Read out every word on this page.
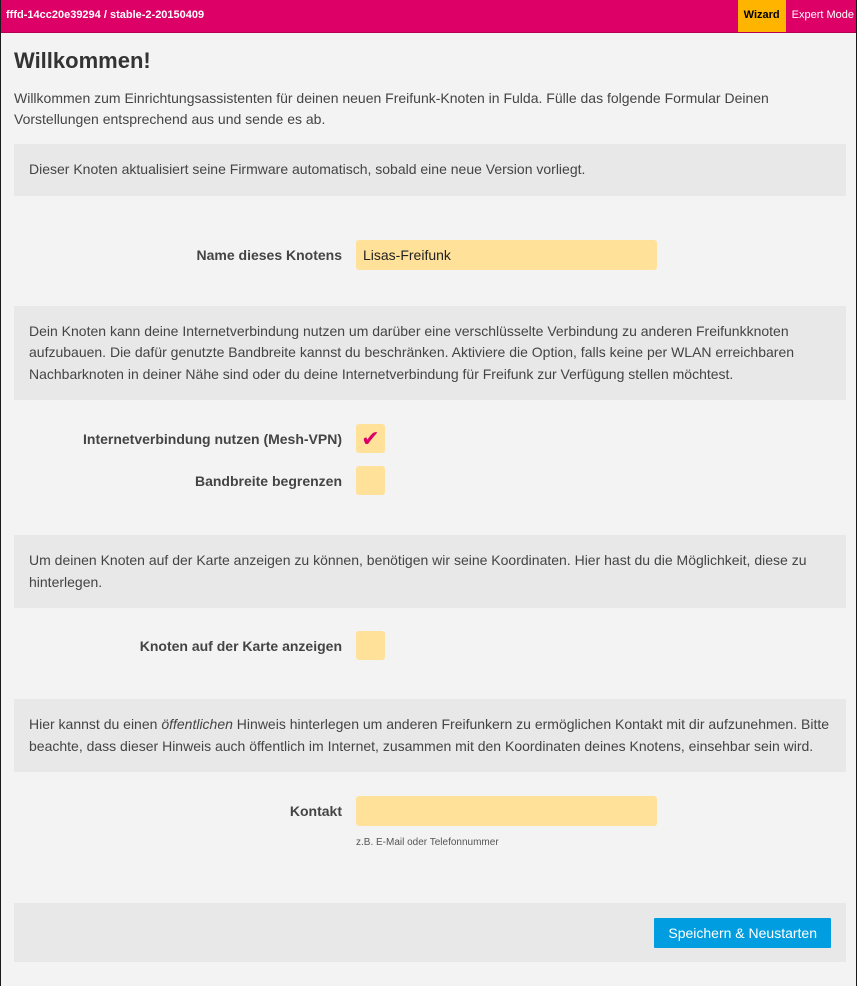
fffd-14cc20e39294 / stable-2-20150409	Wizard	Expert Mode
Willkommen!

Willkommen zum Einrichtungsassistenten für deinen neuen Freifunk-Knoten in Fulda. Fülle das folgende Formular Deinen Vorstellungen entsprechend aus und sende es ab.

Dieser Knoten aktualisiert seine Firmware automatisch, sobald eine neue Version vorliegt.
Name dieses Knotens
Lisas-Freifunk
Dein Knoten kann deine Internetverbindung nutzen um darüber eine verschlüsselte Verbindung zu anderen Freifunkknoten aufzubauen. Die dafür genutzte Bandbreite kannst du beschränken. Aktiviere die Option, falls keine per WLAN erreichbaren Nachbarknoten in deiner Nähe sind oder du deine Internetverbindung für Freifunk zur Verfügung stellen möchtest.
Internetverbindung nutzen (Mesh-VPN) ✔
Bandbreite begrenzen
Um deinen Knoten auf der Karte anzeigen zu können, benötigen wir seine Koordinaten. Hier hast du die Möglichkeit, diese zu hinterlegen.
Knoten auf der Karte anzeigen
Hier kannst du einen öffentlichen Hinweis hinterlegen um anderen Freifunkern zu ermöglichen Kontakt mit dir aufzunehmen. Bitte beachte, dass dieser Hinweis auch öffentlich im Internet, zusammen mit den Koordinaten deines Knotens, einsehbar sein wird.
Kontakt
z.B. E-Mail oder Telefonnummer
Speichern & Neustarten
